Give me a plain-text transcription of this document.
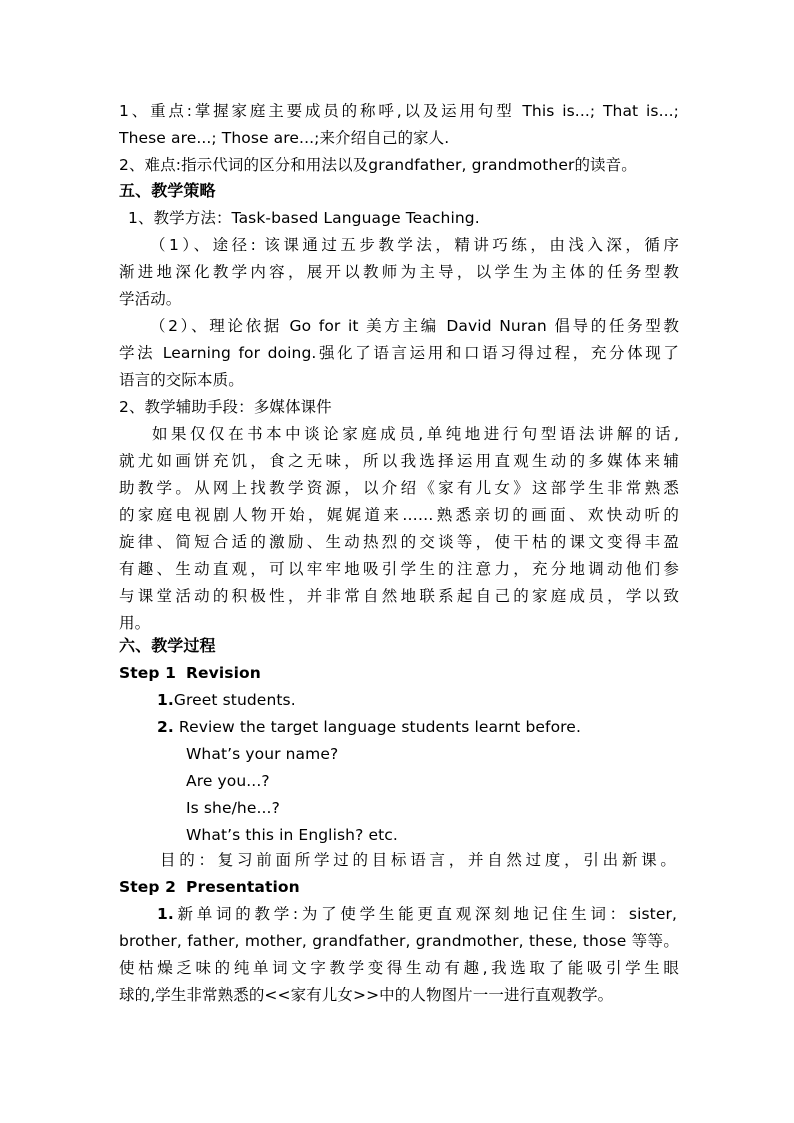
1、重点:掌握家庭主要成员的称呼,以及运用句型 This is...; That is...;
These are...; Those are...;来介绍自己的家人.
2、难点:指示代词的区分和用法以及grandfather, grandmother的读音。
五、教学策略
1、教学方法：Task-based Language Teaching.
（1）、途径: 该课通过五步教学法，精讲巧练，由浅入深，循序
渐进地深化教学内容，展开以教师为主导，以学生为主体的任务型教
学活动。
（2）、理论依据 Go for it 美方主编 David Nuran 倡导的任务型教
学法 Learning for doing.强化了语言运用和口语习得过程，充分体现了
语言的交际本质。
2、教学辅助手段：多媒体课件
如果仅仅在书本中谈论家庭成员,单纯地进行句型语法讲解的话,
就尤如画饼充饥，食之无味，所以我选择运用直观生动的多媒体来辅
助教学。从网上找教学资源，以介绍《家有儿女》这部学生非常熟悉
的家庭电视剧人物开始，娓娓道来……熟悉亲切的画面、欢快动听的
旋律、简短合适的激励、生动热烈的交谈等，使干枯的课文变得丰盈
有趣、生动直观，可以牢牢地吸引学生的注意力，充分地调动他们参
与课堂活动的积极性，并非常自然地联系起自己的家庭成员，学以致
用。
六、教学过程
Step 1 Revision
1.Greet students.
2. Review the target language students learnt before.
What’s your name?
Are you...?
Is she/he...?
What’s this in English? etc.
目的：复习前面所学过的目标语言，并自然过度，引出新课。
Step 2 Presentation
1.新单词的教学:为了使学生能更直观深刻地记住生词：sister,
brother, father, mother, grandfather, grandmother, these, those 等等。
使枯燥乏味的纯单词文字教学变得生动有趣,我选取了能吸引学生眼
球的,学生非常熟悉的<<家有儿女>>中的人物图片一一进行直观教学。
